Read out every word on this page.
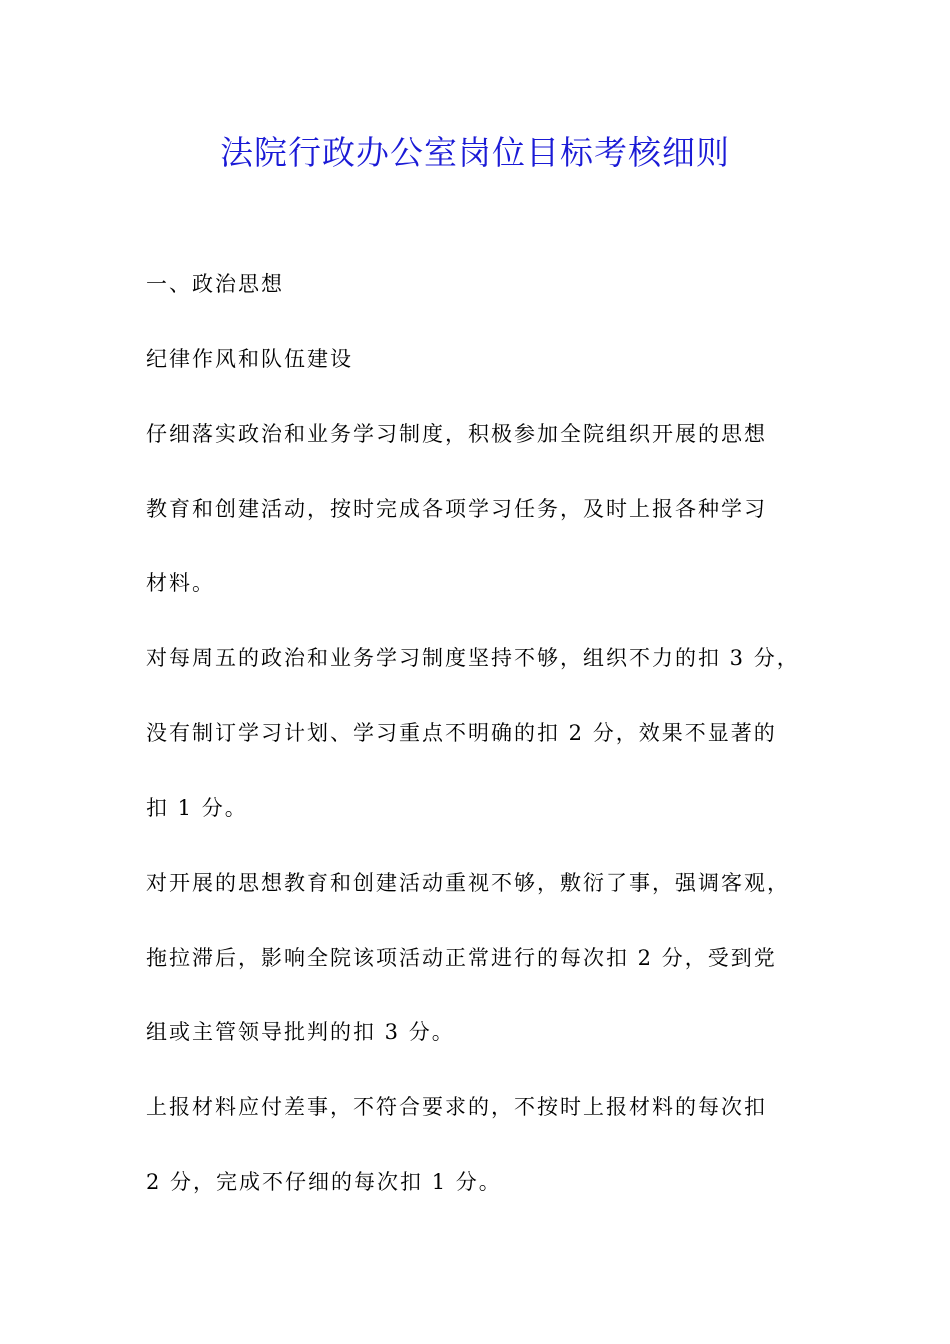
法院行政办公室岗位目标考核细则

一、政治思想

纪律作风和队伍建设

仔细落实政治和业务学习制度，积极参加全院组织开展的思想

教育和创建活动，按时完成各项学习任务，及时上报各种学习

材料。

对每周五的政治和业务学习制度坚持不够，组织不力的扣 3 分，

没有制订学习计划、学习重点不明确的扣 2 分，效果不显著的

扣 1 分。

对开展的思想教育和创建活动重视不够，敷衍了事，强调客观，

拖拉滞后，影响全院该项活动正常进行的每次扣 2 分，受到党

组或主管领导批判的扣 3 分。

上报材料应付差事，不符合要求的，不按时上报材料的每次扣

2 分，完成不仔细的每次扣 1 分。
